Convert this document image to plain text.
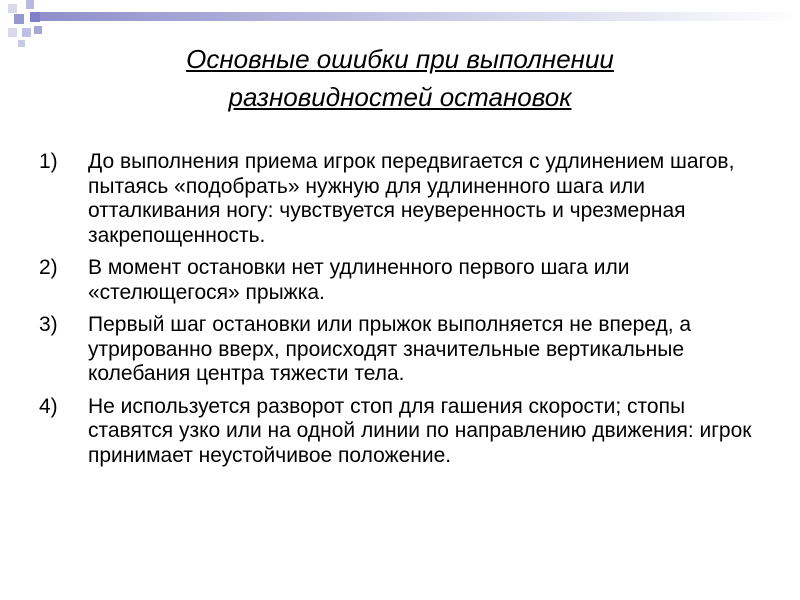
Основные ошибки при выполнении
разновидностей остановок
1) До выполнения приема игрок передвигается с удлинением шагов, пытаясь «подобрать» нужную для удлиненного шага или отталкивания ногу: чувствуется неуверенность и чрезмерная закрепощенность.
2) В момент остановки нет удлиненного первого шага или «стелющегося» прыжка.
3) Первый шаг остановки или прыжок выполняется не вперед, а утрированно вверх, происходят значительные вертикальные колебания центра тяжести тела.
4) Не используется разворот стоп для гашения скорости; стопы ставятся узко или на одной линии по направлению движения: игрок принимает неустойчивое положение.
